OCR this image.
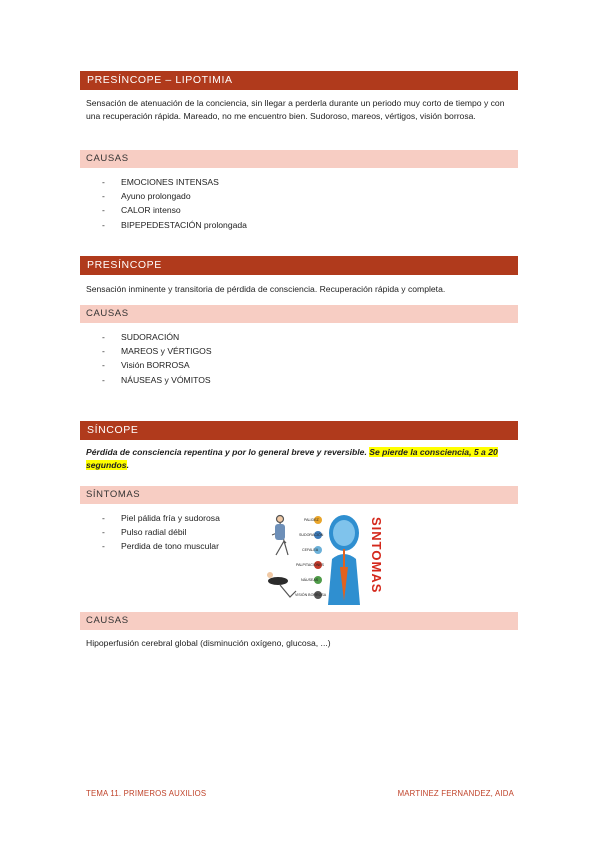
PRESÍNCOPE – LIPOTIMIA
Sensación de atenuación de la conciencia, sin llegar a perderla durante un periodo muy corto de tiempo y con una recuperación rápida. Mareado, no me encuentro bien. Sudoroso, mareos, vértigos, visión borrosa.
CAUSAS
- EMOCIONES INTENSAS
- Ayuno prolongado
- CALOR intenso
- BIPEPEDESTACIÓN prolongada
PRESÍNCOPE
Sensación inminente y transitoria de pérdida de consciencia. Recuperación rápida y completa.
CAUSAS
- SUDORACIÓN
- MAREOS y VÉRTIGOS
- Visión BORROSA
- NÁUSEAS y VÓMITOS
SÍNCOPE
Pérdida de consciencia repentina y por lo general breve y reversible. Se pierde la consciencia, 5 a 20 segundos.
SÍNTOMAS
- Piel pálida fría y sudorosa
- Pulso radial débil
- Perdida de tono muscular
PALIDEZ
SUDORACIÓN
CEFALEA
PALPITACIONES
NÁUSEAS
VISIÓN BORROSA
SINTOMAS
CAUSAS
Hipoperfusión cerebral global (disminución oxígeno, glucosa, ...)
TEMA 11. PRIMEROS AUXILIOS	MARTINEZ FERNANDEZ, AIDA
